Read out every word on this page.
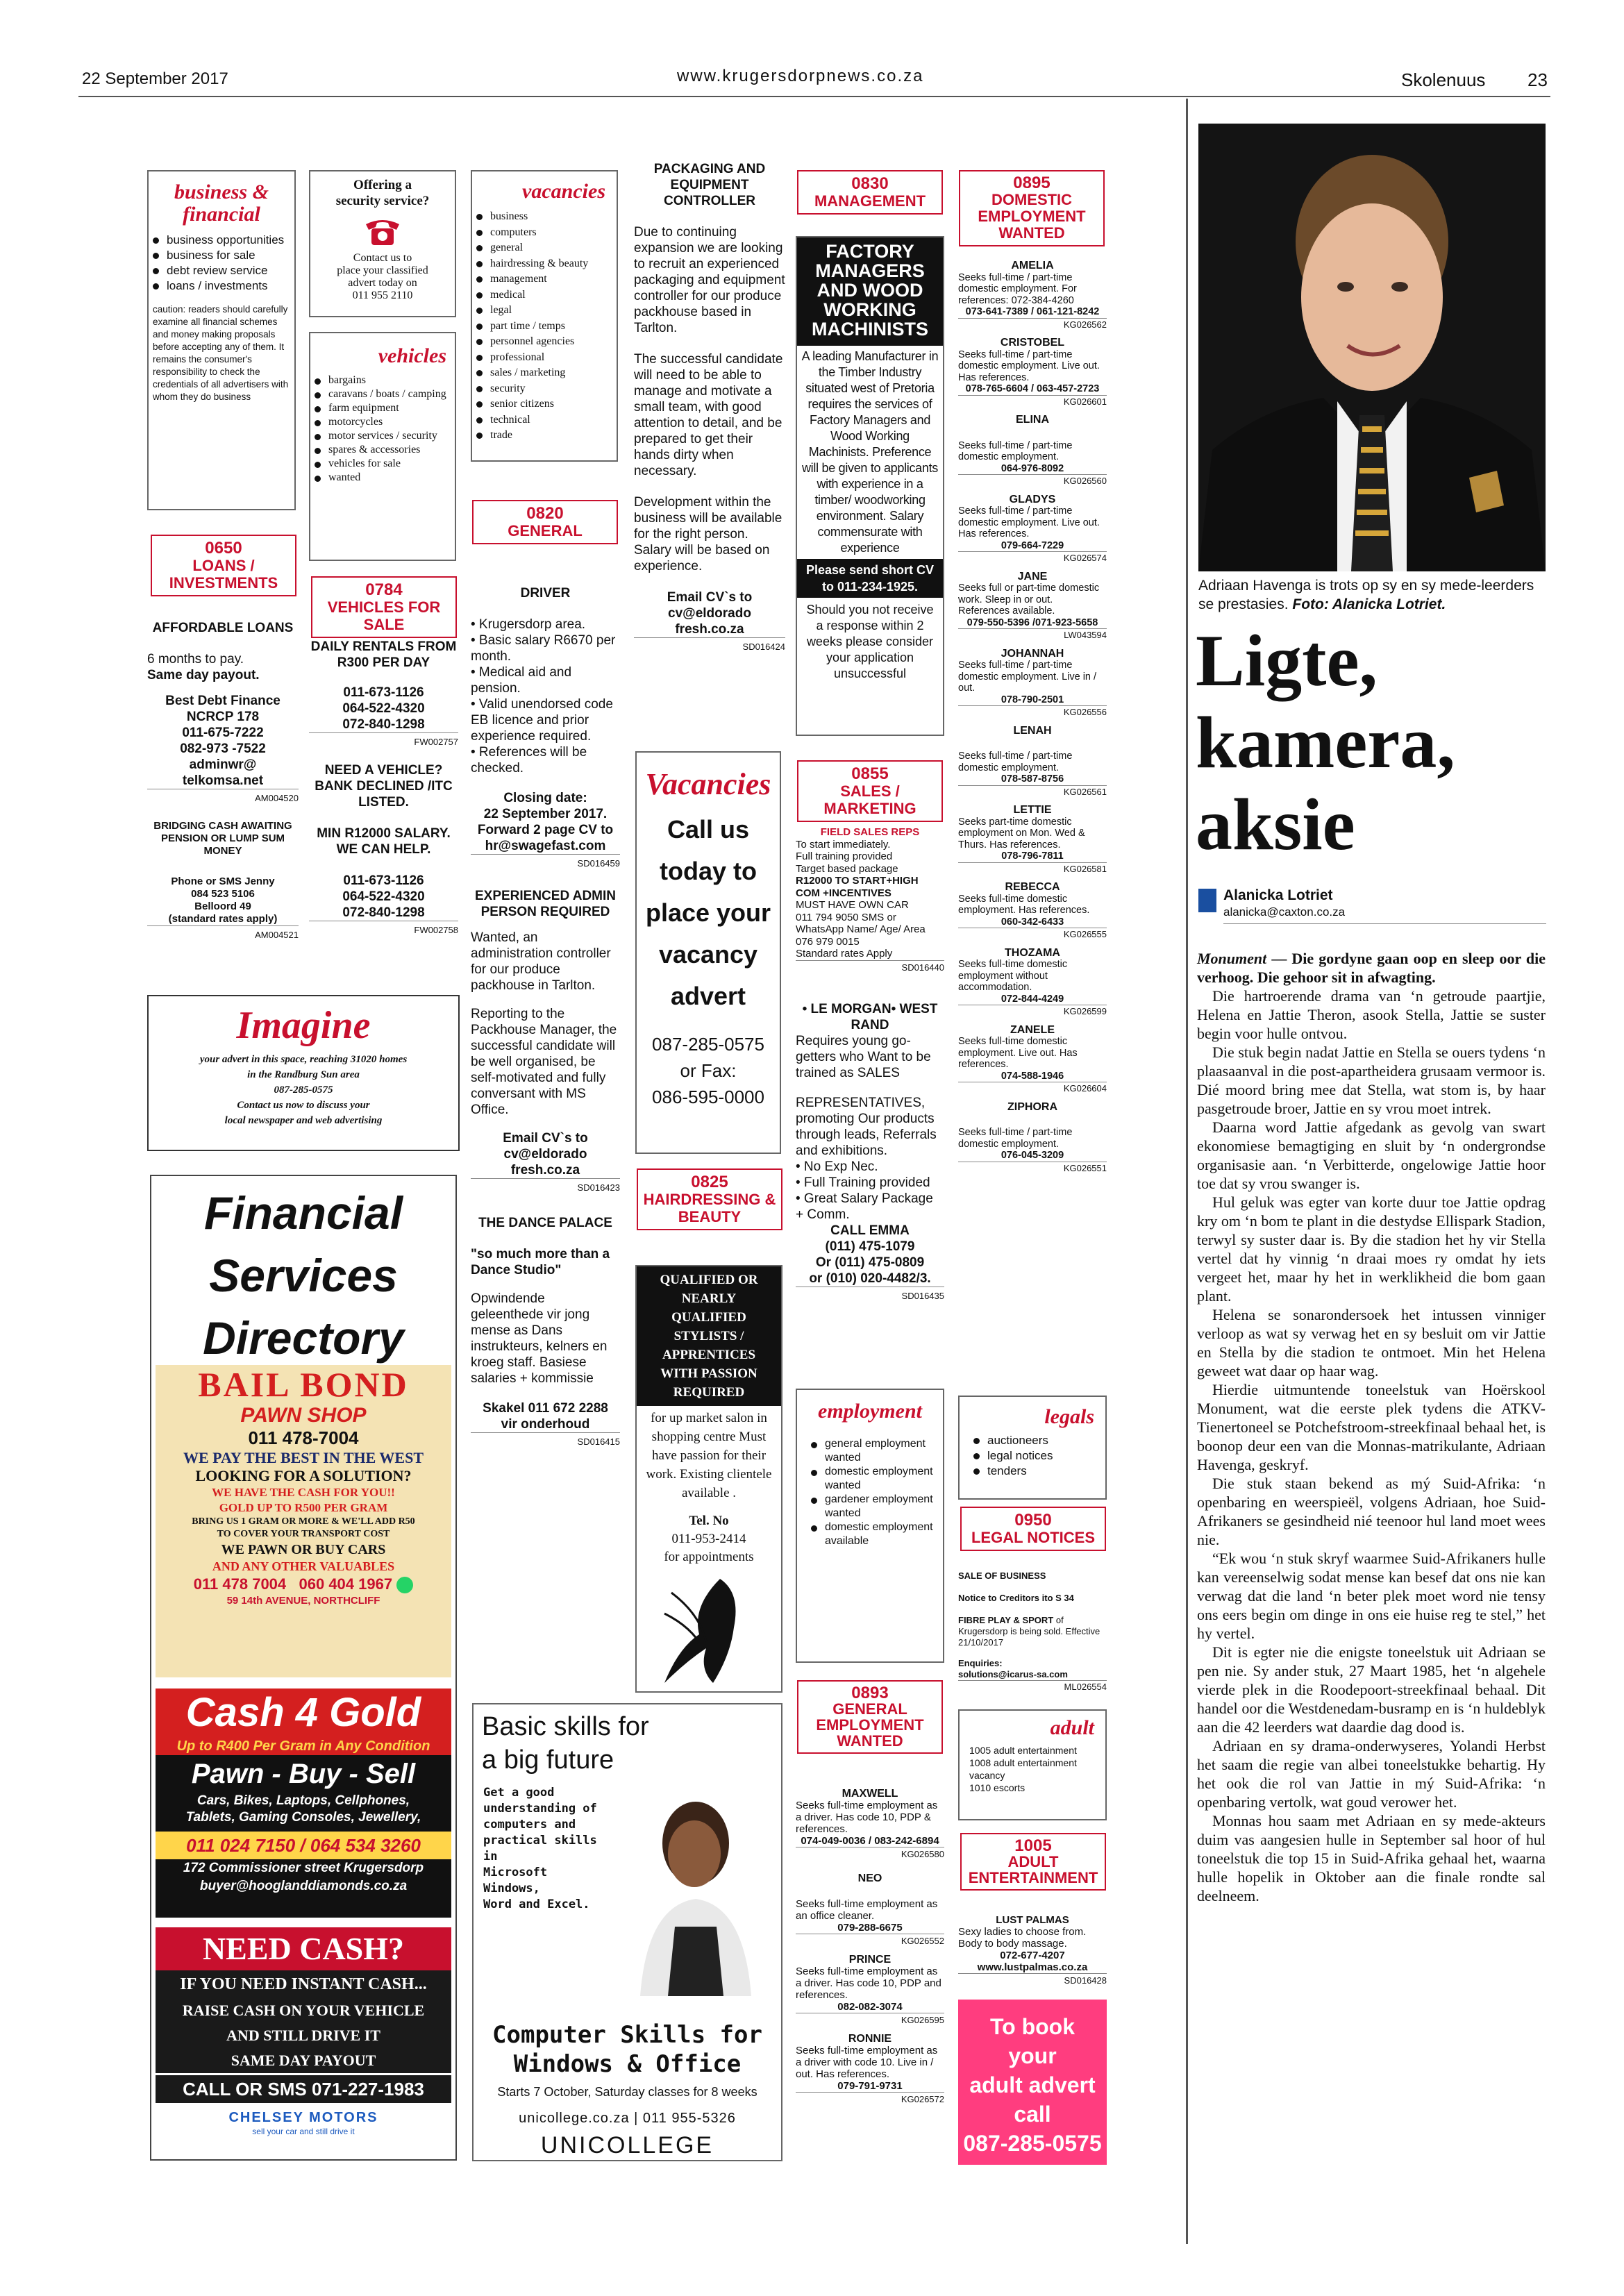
22 September 2017	www.krugersdorpnews.co.za	Skolenuus 23
business & financial
business opportunities
business for sale
debt review service
loans / investments
caution: readers should carefully examine all financial schemes and money making proposals before accepting any of them. It remains the consumer's responsibility to check the credentials of all advertisers with whom they do business
0650
LOANS / INVESTMENTS
AFFORDABLE LOANS
6 months to pay.
Same day payout.
Best Debt Finance
NCRCP 178
011-675-7222
082-973 -7522
adminwr@
telkomsa.net
AM004520
BRIDGING CASH AWAITING PENSION OR LUMP SUM MONEY
Phone or SMS Jenny
084 523 5106
Belloord 49
(standard rates apply)
AM004521
Imagine
your advert in this space, reaching 31020 homes
in the Randburg Sun area
087-285-0575
Contact us now to discuss your
local newspaper and web advertising
Financial Services Directory
BAIL BOND
PAWN SHOP
011 478-7004
WE PAY THE BEST IN THE WEST
LOOKING FOR A SOLUTION?
WE HAVE THE CASH FOR YOU!!
GOLD UP TO R500 PER GRAM
BRING US 1 GRAM OR MORE & WE'LL ADD R50
TO COVER YOUR TRANSPORT COST
WE PAWN OR BUY CARS
AND ANY OTHER VALUABLES
011 478 7004 060 404 1967
59 14th AVENUE, NORTHCLIFF
Cash 4 Gold
Up to R400 Per Gram in Any Condition
Pawn - Buy - Sell
Cars, Bikes, Laptops, Cellphones,
Tablets, Gaming Consoles, Jewellery,
011 024 7150 / 064 534 3260
172 Commissioner street Krugersdorp
buyer@hooglanddiamonds.co.za
NEED CASH?
IF YOU NEED INSTANT CASH...
RAISE CASH ON YOUR VEHICLE
AND STILL DRIVE IT
SAME DAY PAYOUT
CALL OR SMS 071-227-1983
CHELSEY MOTORS
sell your car and still drive it
Offering a
security service?
Contact us to
place your classified
advert today on
011 955 2110
vehicles
bargains
caravans / boats / camping
farm equipment
motorcycles
motor services / security
spares & accessories
vehicles for sale
wanted
0784
VEHICLES FOR SALE
DAILY RENTALS FROM R300 PER DAY
011-673-1126
064-522-4320
072-840-1298
FW002757
NEED A VEHICLE? BANK DECLINED /ITC LISTED.
MIN R12000 SALARY. WE CAN HELP.
011-673-1126
064-522-4320
072-840-1298
FW002758
vacancies
business
computers
general
hairdressing & beauty
management
medical
legal
part time / temps
personnel agencies
professional
sales / marketing
security
senior citizens
technical
trade
0820
GENERAL
DRIVER
• Krugersdorp area.
• Basic salary R6670 per month.
• Medical aid and pension.
• Valid unendorsed code EB licence and prior experience required.
• References will be checked.
Closing date:
22 September 2017.
Forward 2 page CV to
hr@swagefast.com
SD016459
EXPERIENCED ADMIN PERSON REQUIRED
Wanted, an administration controller for our produce packhouse in Tarlton.
Reporting to the Packhouse Manager, the successful candidate will be well organised, be self-motivated and fully conversant with MS Office.
Email CV`s to
cv@eldorado
fresh.co.za
SD016423
THE DANCE PALACE
"so much more than a Dance Studio"
Opwindende geleenthede vir jong mense as Dans instrukteurs, kelners en kroeg staff. Basiese salaries + kommissie
Skakel 011 672 2288
vir onderhoud
SD016415
Basic skills for
a big future
Get a good
understanding of
computers and
practical skills in
Microsoft Windows,
Word and Excel.
Computer Skills for
Windows & Office
Starts 7 October, Saturday classes for 8 weeks
unicollege.co.za | 011 955-5326
UNICOLLEGE
PACKAGING AND EQUIPMENT CONTROLLER
Due to continuing expansion we are looking to recruit an experienced packaging and equipment controller for our produce packhouse based in Tarlton.
The successful candidate will need to be able to manage and motivate a small team, with good attention to detail, and be prepared to get their hands dirty when necessary.
Development within the business will be available for the right person. Salary will be based on experience.
Email CV`s to
cv@eldorado
fresh.co.za
SD016424
Vacancies
Call us
today to
place your
vacancy
advert
087-285-0575
or Fax:
086-595-0000
0825
HAIRDRESSING & BEAUTY
QUALIFIED OR NEARLY QUALIFIED STYLISTS / APPRENTICES WITH PASSION REQUIRED
for up market salon in shopping centre Must have passion for their work. Existing clientele available .
Tel. No
011-953-2414
for appointments
0830
MANAGEMENT
FACTORY MANAGERS AND WOOD WORKING MACHINISTS
A leading Manufacturer in the Timber Industry situated west of Pretoria requires the services of Factory Managers and Wood Working Machinists. Preference will be given to applicants with experience in a timber/ woodworking environment. Salary commensurate with experience
Please send short CV to 011-234-1925.
Should you not receive a response within 2 weeks please consider your application unsuccessful
0855
SALES / MARKETING
FIELD SALES REPS
To start immediately.
Full training provided
Target based package
R12000 TO START+HIGH COM +INCENTIVES
MUST HAVE OWN CAR
011 794 9050 SMS or WhatsApp Name/ Age/ Area 076 979 0015
Standard rates Apply
SD016440
• LE MORGAN• WEST RAND
Requires young go-getters who Want to be trained as SALES
REPRESENTATIVES, promoting Our products through leads, Referrals and exhibitions.
• No Exp Nec.
• Full Training provided
• Great Salary Package + Comm.
CALL EMMA
(011) 475-1079
Or (011) 475-0809
or (010) 020-4482/3.
SD016435
employment
general employment wanted
domestic employment wanted
gardener employment wanted
domestic employment available
0893
GENERAL EMPLOYMENT WANTED
MAXWELL
Seeks full-time employment as a driver. Has code 10, PDP & references.
074-049-0036 / 083-242-6894
KG026580
NEO
Seeks full-time employment as an office cleaner.
079-288-6675
KG026552
PRINCE
Seeks full-time employment as a driver. Has code 10, PDP and references.
082-082-3074
KG026595
RONNIE
Seeks full-time employment as a driver with code 10. Live in / out. Has references.
079-791-9731
KG026572
0895
DOMESTIC EMPLOYMENT WANTED
AMELIA
Seeks full-time / part-time domestic employment. For references: 072-384-4260
073-641-7389 / 061-121-8242
KG026562
CRISTOBEL
Seeks full-time / part-time domestic employment. Live out. Has references.
078-765-6604 / 063-457-2723
KG026601
ELINA
Seeks full-time / part-time domestic employment.
064-976-8092
KG026560
GLADYS
Seeks full-time / part-time domestic employment. Live out. Has references.
079-664-7229
KG026574
JANE
Seeks full or part-time domestic work. Sleep in or out. References available.
079-550-5396 /071-923-5658
LW043594
JOHANNAH
Seeks full-time / part-time domestic employment. Live in / out.
078-790-2501
KG026556
LENAH
Seeks full-time / part-time domestic employment.
078-587-8756
KG026561
LETTIE
Seeks part-time domestic employment on Mon. Wed & Thurs. Has references.
078-796-7811
KG026581
REBECCA
Seeks full-time domestic employment. Has references.
060-342-6433
KG026555
THOZAMA
Seeks full-time domestic employment without accommodation.
072-844-4249
KG026599
ZANELE
Seeks full-time domestic employment. Live out. Has references.
074-588-1946
KG026604
ZIPHORA
Seeks full-time / part-time domestic employment.
076-045-3209
KG026551
legals
auctioneers
legal notices
tenders
0950
LEGAL NOTICES
SALE OF BUSINESS
Notice to Creditors ito S 34
FIBRE PLAY & SPORT of Krugersdorp is being sold. Effective 21/10/2017
Enquiries:
solutions@icarus-sa.com
ML026554
adult
1005 adult entertainment
1008 adult entertainment vacancy
1010 escorts
1005
ADULT ENTERTAINMENT
LUST PALMAS
Sexy ladies to choose from. Body to body massage.
072-677-4207
www.lustpalmas.co.za
SD016428
To book
your
adult advert
call
087-285-0575
Adriaan Havenga is trots op sy en sy mede-leerders se prestasies. Foto: Alanicka Lotriet.
Ligte,
kamera,
aksie
Alanicka Lotriet
alanicka@caxton.co.za
Monument — Die gordyne gaan oop en sleep oor die verhoog. Die gehoor sit in afwagting.

Die hartroerende drama van ‘n getroude paartjie, Helena en Jattie Theron, asook Stella, Jattie se suster begin voor hulle ontvou.

Die stuk begin nadat Jattie en Stella se ouers tydens ‘n plaasaanval in die post-apartheidera grusaam vermoor is. Dié moord bring mee dat Stella, wat stom is, by haar pasgetroude broer, Jattie en sy vrou moet intrek.

Daarna word Jattie afgedank as gevolg van swart ekonomiese bemagtiging en sluit by ‘n ondergrondse organisasie aan. ‘n Verbitterde, ongelowige Jattie hoor toe dat sy vrou swanger is.

Hul geluk was egter van korte duur toe Jattie opdrag kry om ‘n bom te plant in die destydse Ellispark Stadion, terwyl sy suster daar is. By die stadion het hy vir Stella vertel dat hy vinnig ‘n draai moes ry omdat hy iets vergeet het, maar hy het in werklikheid die bom gaan plant.

Helena se sonarondersoek het intussen vinniger verloop as wat sy verwag het en sy besluit om vir Jattie en Stella by die stadion te ontmoet. Min het Helena geweet wat daar op haar wag.

Hierdie uitmuntende toneelstuk van Hoërskool Monument, wat die eerste plek tydens die ATKV-Tienertoneel se Potchefstroom-streekfinaal behaal het, is boonop deur een van die Monnas-matrikulante, Adriaan Havenga, geskryf.

Die stuk staan bekend as mý Suid-Afrika: ‘n openbaring en weerspieël, volgens Adriaan, hoe Suid-Afrikaners se gesindheid nié teenoor hul land moet wees nie.

“Ek wou ‘n stuk skryf waarmee Suid-Afrikaners hulle kan vereenselwig sodat mense kan besef dat ons nie kan verwag dat die land ‘n beter plek moet word nie tensy ons eers begin om dinge in ons eie huise reg te stel,” het hy vertel.

Dit is egter nie die enigste toneelstuk uit Adriaan se pen nie. Sy ander stuk, 27 Maart 1985, het ‘n algehele vierde plek in die Roodepoort-streekfinaal behaal. Dit handel oor die Westdenedam-busramp en is ‘n huldeblyk aan die 42 leerders wat daardie dag dood is.

Adriaan en sy drama-onderwyseres, Yolandi Herbst het saam die regie van albei toneelstukke behartig. Hy het ook die rol van Jattie in mý Suid-Afrika: ‘n openbaring vertolk, wat goud verower het.

Monnas hou saam met Adriaan en sy mede-akteurs duim vas aangesien hulle in September sal hoor of hul toneelstuk die top 15 in Suid-Afrika gehaal het, waarna hulle hopelik in Oktober aan die finale rondte sal deelneem.
